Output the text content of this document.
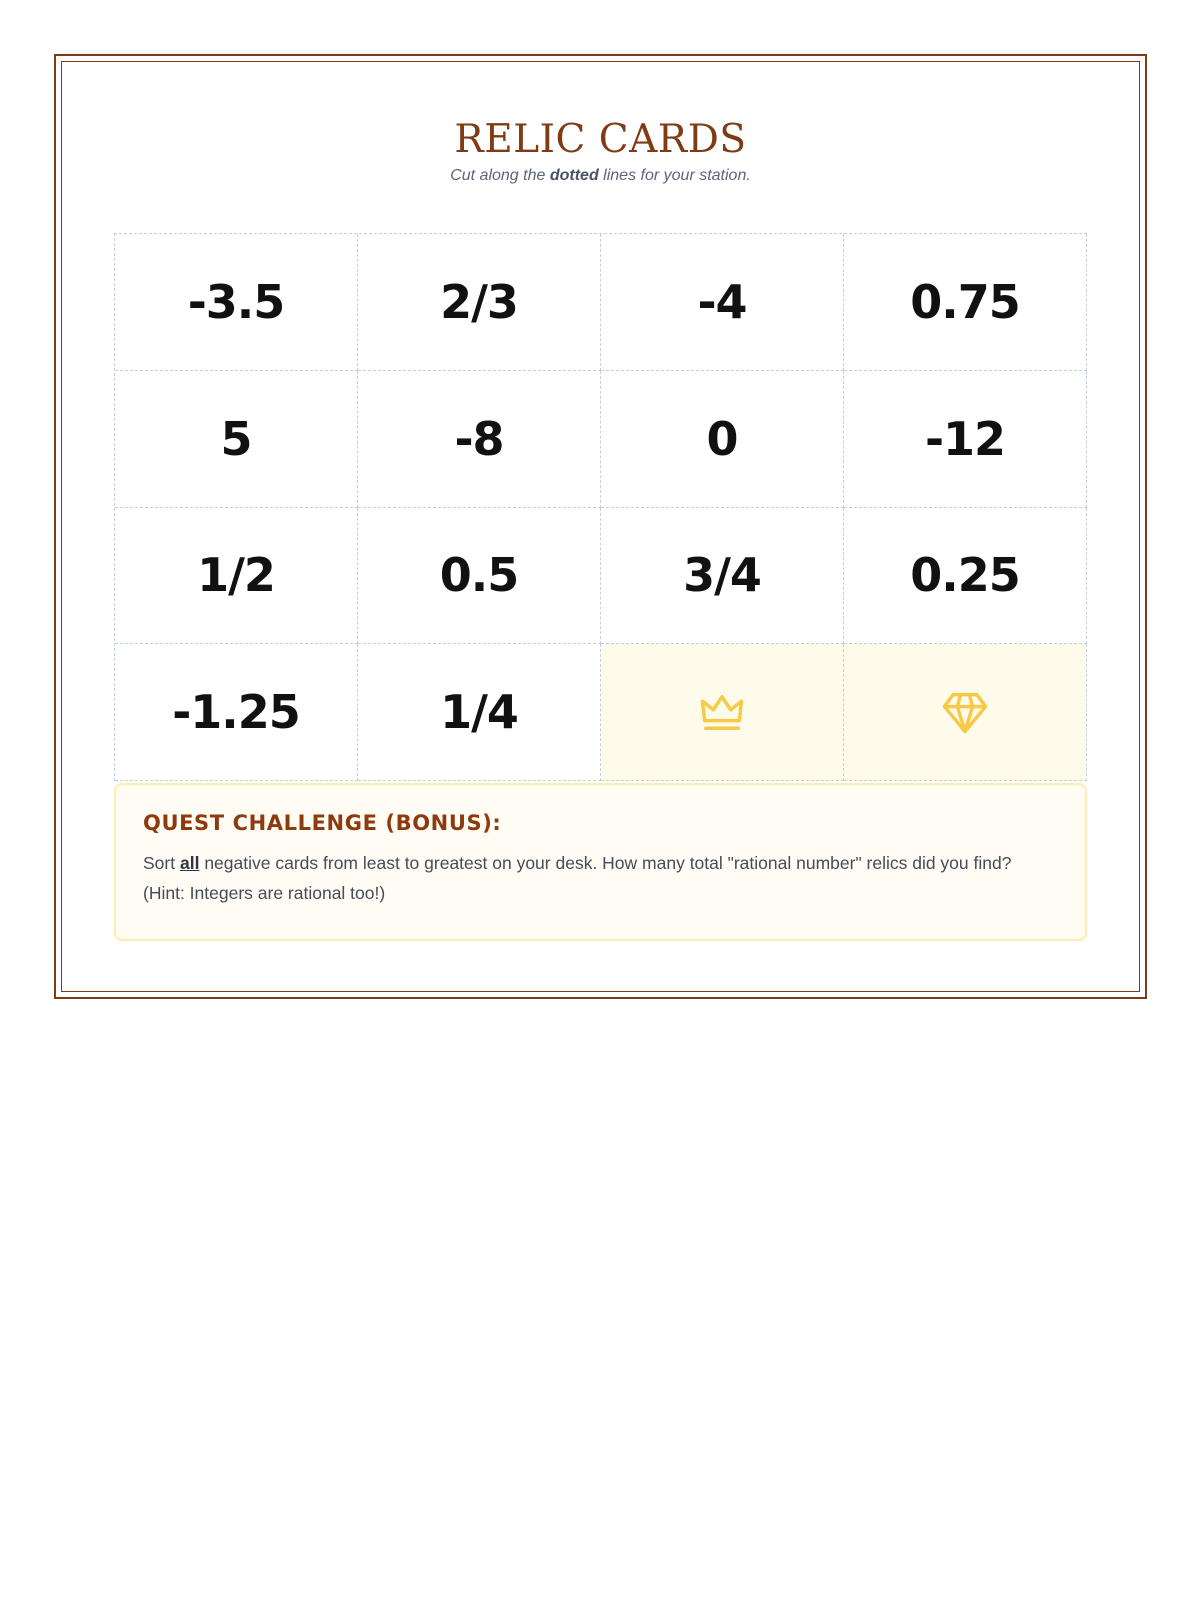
RELIC CARDS

Cut along the dotted lines for your station.

-3.5	2/3	-4	0.75
5	-8	0	-12
1/2	0.5	3/4	0.25
-1.25	1/4
QUEST CHALLENGE (BONUS):

Sort all negative cards from least to greatest on your desk. How many total "rational number" relics did you find? (Hint: Integers are rational too!)
